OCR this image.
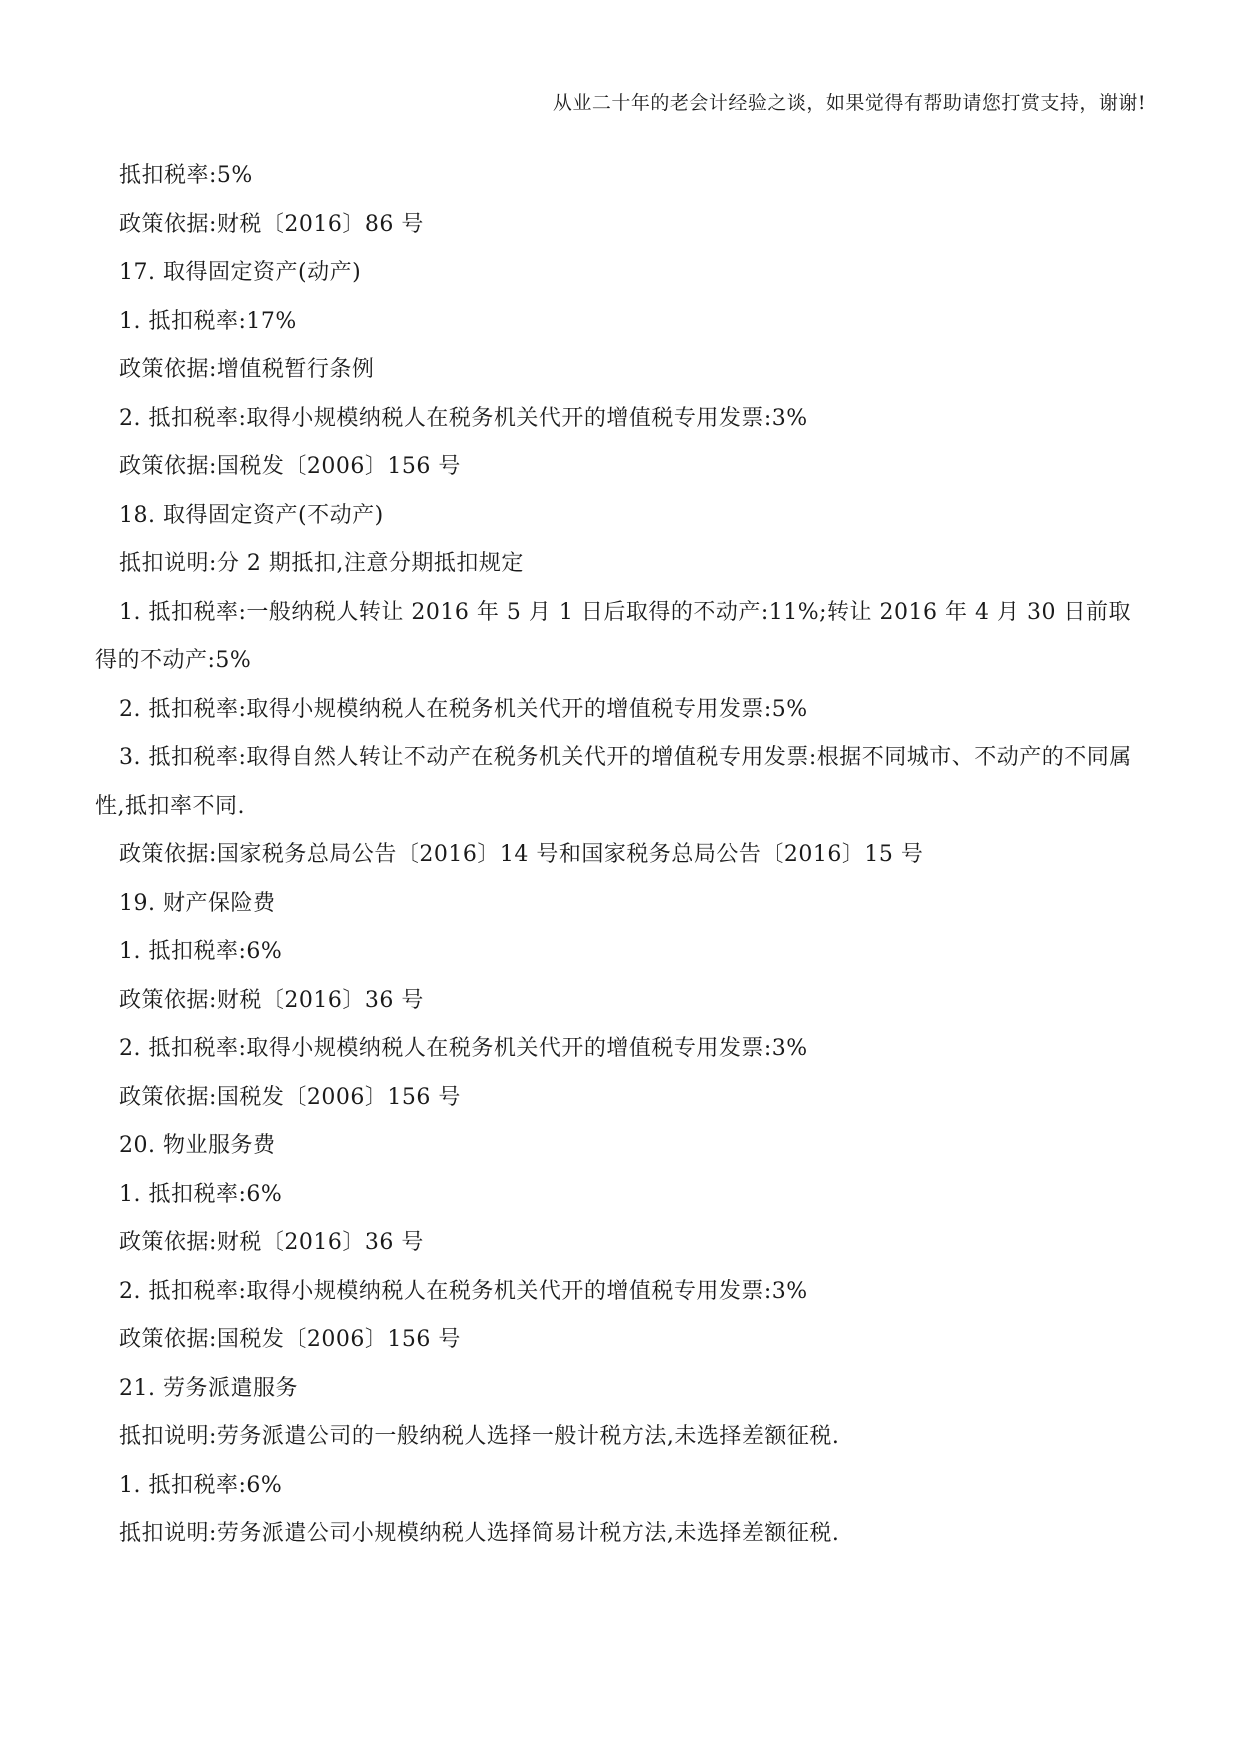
从业二十年的老会计经验之谈，如果觉得有帮助请您打赏支持，谢谢!

抵扣税率:5%

政策依据:财税〔2016〕86 号

17. 取得固定资产(动产)

1. 抵扣税率:17%

政策依据:增值税暂行条例

2. 抵扣税率:取得小规模纳税人在税务机关代开的增值税专用发票:3%

政策依据:国税发〔2006〕156 号

18. 取得固定资产(不动产)

抵扣说明:分 2 期抵扣,注意分期抵扣规定

1. 抵扣税率:一般纳税人转让 2016 年 5 月 1 日后取得的不动产:11%;转让 2016 年 4 月 30 日前取得的不动产:5%

2. 抵扣税率:取得小规模纳税人在税务机关代开的增值税专用发票:5%

3. 抵扣税率:取得自然人转让不动产在税务机关代开的增值税专用发票:根据不同城市、不动产的不同属性,抵扣率不同.

政策依据:国家税务总局公告〔2016〕14 号和国家税务总局公告〔2016〕15 号

19. 财产保险费

1. 抵扣税率:6%

政策依据:财税〔2016〕36 号

2. 抵扣税率:取得小规模纳税人在税务机关代开的增值税专用发票:3%

政策依据:国税发〔2006〕156 号

20. 物业服务费

1. 抵扣税率:6%

政策依据:财税〔2016〕36 号

2. 抵扣税率:取得小规模纳税人在税务机关代开的增值税专用发票:3%

政策依据:国税发〔2006〕156 号

21. 劳务派遣服务

抵扣说明:劳务派遣公司的一般纳税人选择一般计税方法,未选择差额征税.

1. 抵扣税率:6%

抵扣说明:劳务派遣公司小规模纳税人选择简易计税方法,未选择差额征税.
